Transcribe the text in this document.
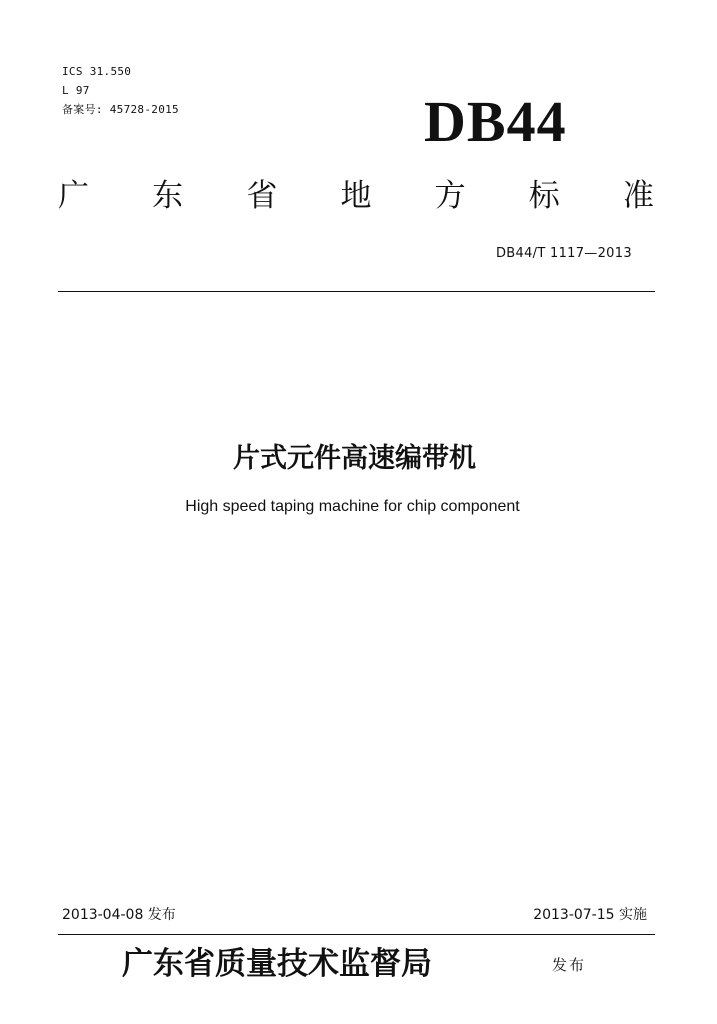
ICS 31.550
L 97
备案号: 45728-2015	DB44
广 东 省 地 方 标 准
DB44/T 1117—2013
片式元件高速编带机
High speed taping machine for chip component
2013-04-08 发布	2013-07-15 实施
广东省质量技术监督局	发布
